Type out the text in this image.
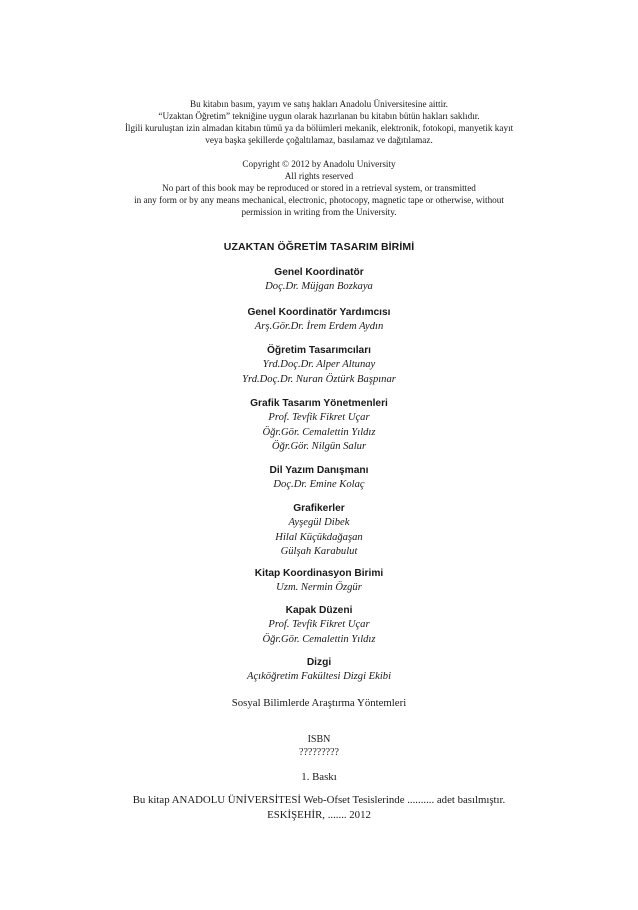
Bu kitabın basım, yayım ve satış hakları Anadolu Üniversitesine aittir.
“Uzaktan Öğretim” tekniğine uygun olarak hazırlanan bu kitabın bütün hakları saklıdır.
İlgili kuruluştan izin almadan kitabın tümü ya da bölümleri mekanik, elektronik, fotokopi, manyetik kayıt
veya başka şekillerde çoğaltılamaz, basılamaz ve dağıtılamaz.
Copyright © 2012 by Anadolu University
All rights reserved
No part of this book may be reproduced or stored in a retrieval system, or transmitted
in any form or by any means mechanical, electronic, photocopy, magnetic tape or otherwise, without
permission in writing from the University.
UZAKTAN ÖĞRETİM TASARIM BİRİMİ
Genel Koordinatör
Doç.Dr. Müjgan Bozkaya
Genel Koordinatör Yardımcısı
Arş.Gör.Dr. İrem Erdem Aydın
Öğretim Tasarımcıları
Yrd.Doç.Dr. Alper Altunay
Yrd.Doç.Dr. Nuran Öztürk Başpınar
Grafik Tasarım Yönetmenleri
Prof. Tevfik Fikret Uçar
Öğr.Gör. Cemalettin Yıldız
Öğr.Gör. Nilgün Salur
Dil Yazım Danışmanı
Doç.Dr. Emine Kolaç
Grafikerler
Ayşegül Dibek
Hilal Küçükdağaşan
Gülşah Karabulut
Kitap Koordinasyon Birimi
Uzm. Nermin Özgür
Kapak Düzeni
Prof. Tevfik Fikret Uçar
Öğr.Gör. Cemalettin Yıldız
Dizgi
Açıköğretim Fakültesi Dizgi Ekibi
Sosyal Bilimlerde Araştırma Yöntemleri
ISBN
?????????
1. Baskı
Bu kitap ANADOLU ÜNİVERSİTESİ Web-Ofset Tesislerinde .......... adet basılmıştır.
ESKİŞEHİR, ....... 2012
